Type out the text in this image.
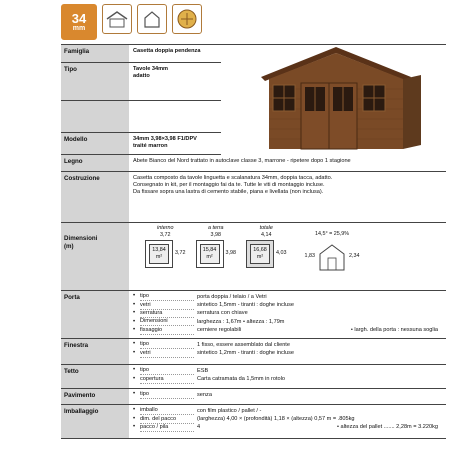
34
mm
Famiglia	Casetta doppia pendenza
Tipo	Tavole 34mm
adatto
Modello	34mm 3,98×3,98 F1/DPV
traité marron
Legno	Abete Bianco del Nord trattato in autoclave classe 3, marrone - ripetere dopo 1 stagione
Costruzione	Casetta composto da tavole linguetta e scalanatura 34mm, doppia tacca, adatto.
Consegnato in kit, per il montaggio fai da te. Tutte le viti di montaggio incluse.
Da fissare sopra una lastra di cemento stabile, piana e livellata (non inclusa).
Dimensioni
(m)
interno
3,72
13,84
m²
3,72
a terra
3,98
15,84
m²
3,98
totale
4,14
16,68
m²
4,03
14,5° = 25,9%
1,83	2,34
Porta	• tipo	porta doppia / telaio / a Vetri
• vetri	sintetico 1,5mm - tiranti : doghe incluse
• serratura	serratura con chiave
• Dimensioni	larghezza : 1,67m • altezza : 1,79m
• fissaggio	cerniere regolabili	• largh. della porta : nessuna soglia
Finestra	• tipo	1 fisso, essere assemblato dal cliente
• vetri	sintetico 1,2mm - tiranti : doghe incluse
Tetto	• tipo	ESB
• copertura	Carta catramata da 1,5mm in rotolo
Pavimento	• tipo	senza
Imballaggio	• imballo	con film plastico / pallet / -
• dim. del pacco	(larghezza) 4,00 × (profondità) 1,18 × (altezza) 0,57 m = .805kg
• pacco / pila	4	• altezza del pallet ....... 2,28m = 3.220kg
